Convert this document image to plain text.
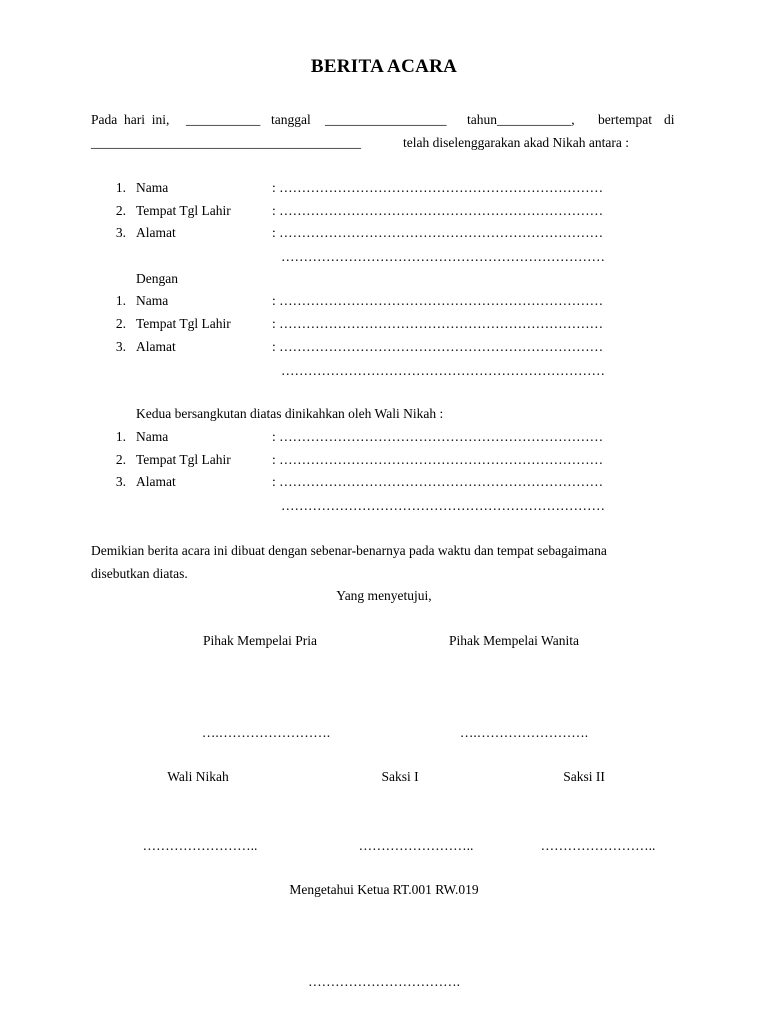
BERITA ACARA
Pada  hari  ini, ___________ tanggal __________________ tahun___________, bertempat di
________________________________________	telah diselenggarakan akad Nikah antara :
1. Nama	: ………………………………………………………………
2. Tempat Tgl Lahir	: ………………………………………………………………
3. Alamat	: ………………………………………………………………
………………………………………………………………
Dengan
1. Nama	: ………………………………………………………………
2. Tempat Tgl Lahir	: ………………………………………………………………
3. Alamat	: ………………………………………………………………
………………………………………………………………
Kedua bersangkutan diatas dinikahkan oleh Wali Nikah :
1. Nama	: ………………………………………………………………
2. Tempat Tgl Lahir	: ………………………………………………………………
3. Alamat	: ………………………………………………………………
………………………………………………………………
Demikian berita acara ini dibuat dengan sebenar-benarnya pada waktu dan tempat sebagaimana
disebutkan diatas.
Yang menyetujui,
Pihak Mempelai Pria	Pihak Mempelai Wanita
….…………………….	….…………………….
Wali Nikah	Saksi I	Saksi II
……………………..	……………………..	……………………..
Mengetahui Ketua RT.001 RW.019
…………………………….
